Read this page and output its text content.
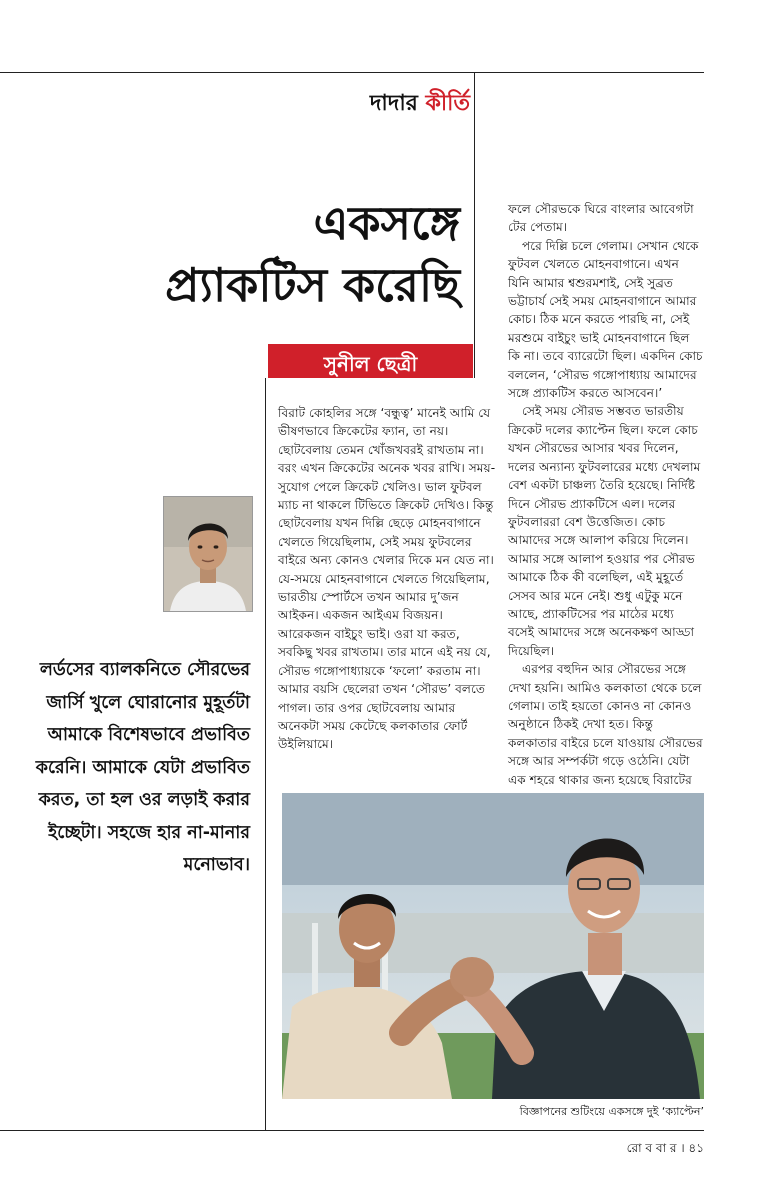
দাদার কীর্তি
একসঙ্গে
প্র্যাকটিস করেছি
সুনীল ছেত্রী

বিরাট কোহলির সঙ্গে ‘বন্ধুত্ব’ মানেই আমি যে ভীষণভাবে ক্রিকেটের ফ্যান, তা নয়। ছোটবেলায় তেমন খোঁজখবরই রাখতাম না। বরং এখন ক্রিকেটের অনেক খবর রাখি। সময়-সুযোগ পেলে ক্রিকেট খেলিও। ভাল ফুটবল ম্যাচ না থাকলে টিভিতে ক্রিকেট দেখিও। কিন্তু ছোটবেলায় যখন দিল্লি ছেড়ে মোহনবাগানে খেলতে গিয়েছিলাম, সেই সময় ফুটবলের বাইরে অন্য কোনও খেলার দিকে মন যেত না। যে-সময়ে মোহনবাগানে খেলতে গিয়েছিলাম, ভারতীয় স্পোর্টসে তখন আমার দু’জন আইকন। একজন আইএম বিজয়ন। আরেকজন বাইচুং ভাই। ওরা যা করত, সবকিছু খবর রাখতাম। তার মানে এই নয় যে, সৌরভ গঙ্গোপাধ্যায়কে ‘ফলো’ করতাম না। আমার বয়সি ছেলেরা তখন ‘সৌরভ’ বলতে পাগল। তার ওপর ছোটবেলায় আমার অনেকটা সময় কেটেছে কলকাতার ফোর্ট উইলিয়ামে।

ফলে সৌরভকে ঘিরে বাংলার আবেগটা টের পেতাম।

পরে দিল্লি চলে গেলাম। সেখান থেকে ফুটবল খেলতে মোহনবাগানে। এখন যিনি আমার শ্বশুরমশাই, সেই সুব্রত ভট্টাচার্য সেই সময় মোহনবাগানে আমার কোচ। ঠিক মনে করতে পারছি না, সেই মরশুমে বাইচুং ভাই মোহনবাগানে ছিল কি না। তবে ব্যারেটো ছিল। একদিন কোচ বললেন, ‘সৌরভ গঙ্গোপাধ্যায় আমাদের সঙ্গে প্র্যাকটিস করতে আসবেন।’

সেই সময় সৌরভ সম্ভবত ভারতীয় ক্রিকেট দলের ক্যাপ্টেন ছিল। ফলে কোচ যখন সৌরভের আসার খবর দিলেন, দলের অন্যান্য ফুটবলারের মধ্যে দেখলাম বেশ একটা চাঞ্চল্য তৈরি হয়েছে। নির্দিষ্ট দিনে সৌরভ প্র্যাকটিসে এল। দলের ফুটবলাররা বেশ উত্তেজিত। কোচ আমাদের সঙ্গে আলাপ করিয়ে দিলেন। আমার সঙ্গে আলাপ হওয়ার পর সৌরভ আমাকে ঠিক কী বলেছিল, এই মুহূর্তে সেসব আর মনে নেই। শুধু এটুকু মনে আছে, প্র্যাকটিসের পর মাঠের মধ্যে বসেই আমাদের সঙ্গে অনেকক্ষণ আড্ডা দিয়েছিল।

এরপর বহুদিন আর সৌরভের সঙ্গে দেখা হয়নি। আমিও কলকাতা থেকে চলে গেলাম। তাই হয়তো কোনও না কোনও অনুষ্ঠানে ঠিকই দেখা হত। কিন্তু কলকাতার বাইরে চলে যাওয়ায় সৌরভের সঙ্গে আর সম্পর্কটা গড়ে ওঠেনি। যেটা এক শহরে থাকার জন্য হয়েছে বিরাটের

লর্ডসের ব্যালকনিতে সৌরভের জার্সি খুলে ঘোরানোর মুহূর্তটা আমাকে বিশেষভাবে প্রভাবিত করেনি। আমাকে যেটা প্রভাবিত করত, তা হল ওর লড়াই করার ইচ্ছেটা। সহজে হার না-মানার মনোভাব।
বিজ্ঞাপনের শুটিংয়ে একসঙ্গে দুই ‘ক্যাপ্টেন’
রো ব বা র । ৪১
